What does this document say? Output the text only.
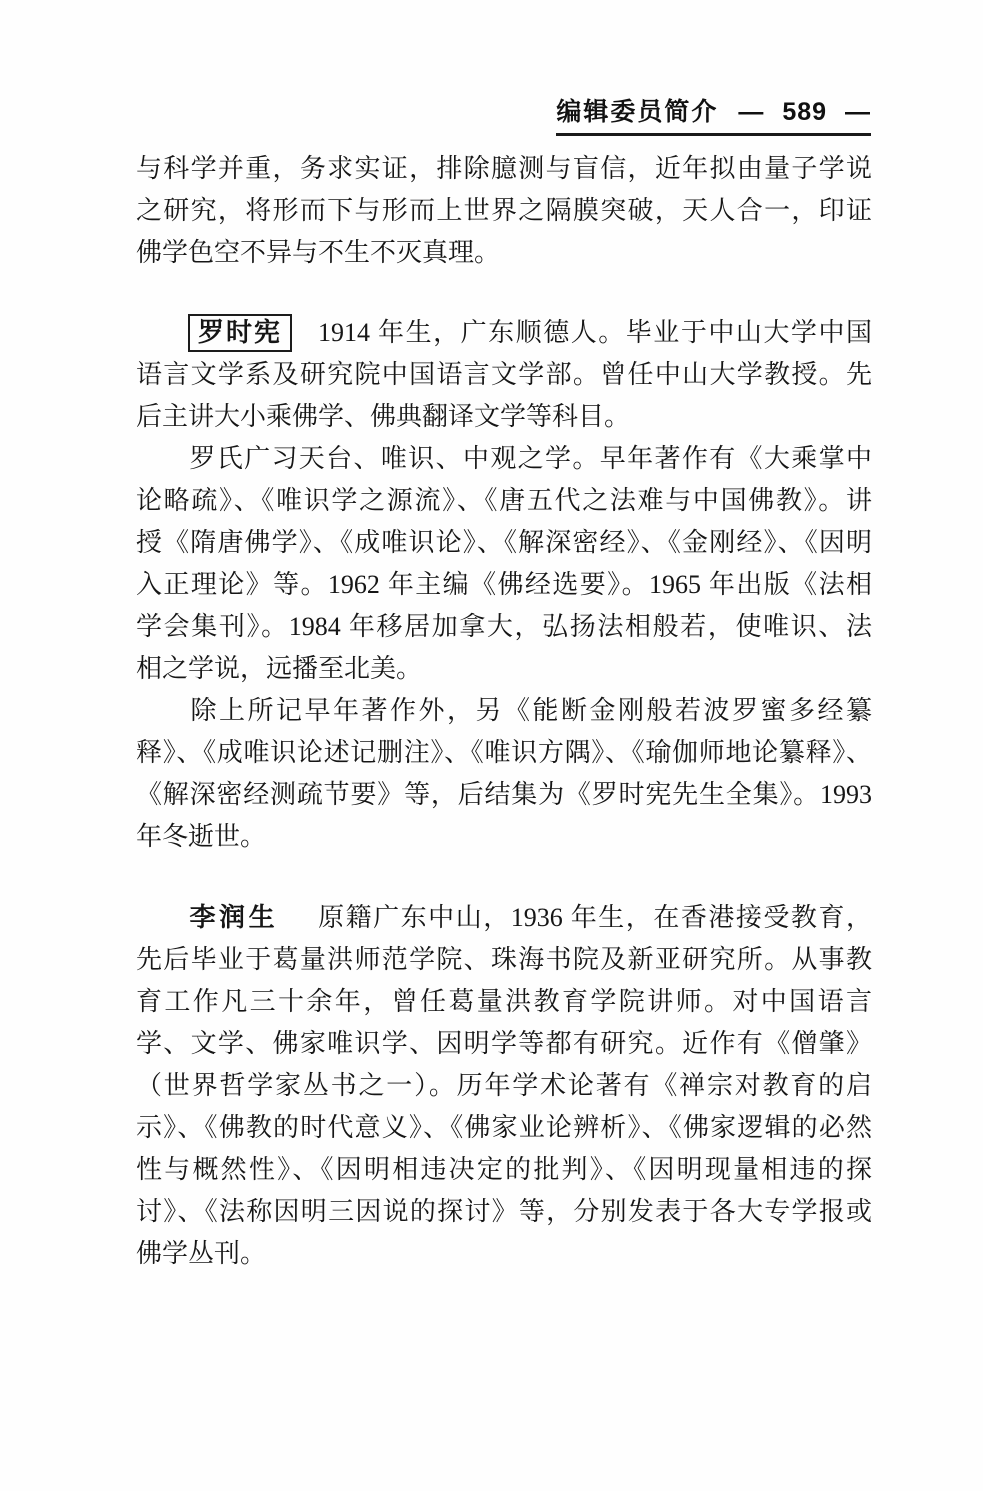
编辑委员简介 — 589 —
与科学并重，务求实证，排除臆测与盲信，近年拟由量子学说
之研究，将形而下与形而上世界之隔膜突破，天人合一，印证
佛学色空不异与不生不灭真理。
罗时宪 1914 年生，广东顺德人。毕业于中山大学中国
语言文学系及研究院中国语言文学部。曾任中山大学教授。先
后主讲大小乘佛学、佛典翻译文学等科目。
罗氏广习天台、唯识、中观之学。早年著作有《大乘掌中
论略疏》、《唯识学之源流》、《唐五代之法难与中国佛教》。讲
授《隋唐佛学》、《成唯识论》、《解深密经》、《金刚经》、《因明
入正理论》等。1962 年主编《佛经选要》。1965 年出版《法相
学会集刊》。1984 年移居加拿大，弘扬法相般若，使唯识、法
相之学说，远播至北美。
除上所记早年著作外，另《能断金刚般若波罗蜜多经纂
释》、《成唯识论述记删注》、《唯识方隅》、《瑜伽师地论纂释》、
《解深密经测疏节要》等，后结集为《罗时宪先生全集》。1993
年冬逝世。
李润生 原籍广东中山，1936 年生，在香港接受教育，
先后毕业于葛量洪师范学院、珠海书院及新亚研究所。从事教
育工作凡三十余年，曾任葛量洪教育学院讲师。对中国语言
学、文学、佛家唯识学、因明学等都有研究。近作有《僧肇》
（世界哲学家丛书之一）。历年学术论著有《禅宗对教育的启
示》、《佛教的时代意义》、《佛家业论辨析》、《佛家逻辑的必然
性与概然性》、《因明相违决定的批判》、《因明现量相违的探
讨》、《法称因明三因说的探讨》等，分别发表于各大专学报或
佛学丛刊。
